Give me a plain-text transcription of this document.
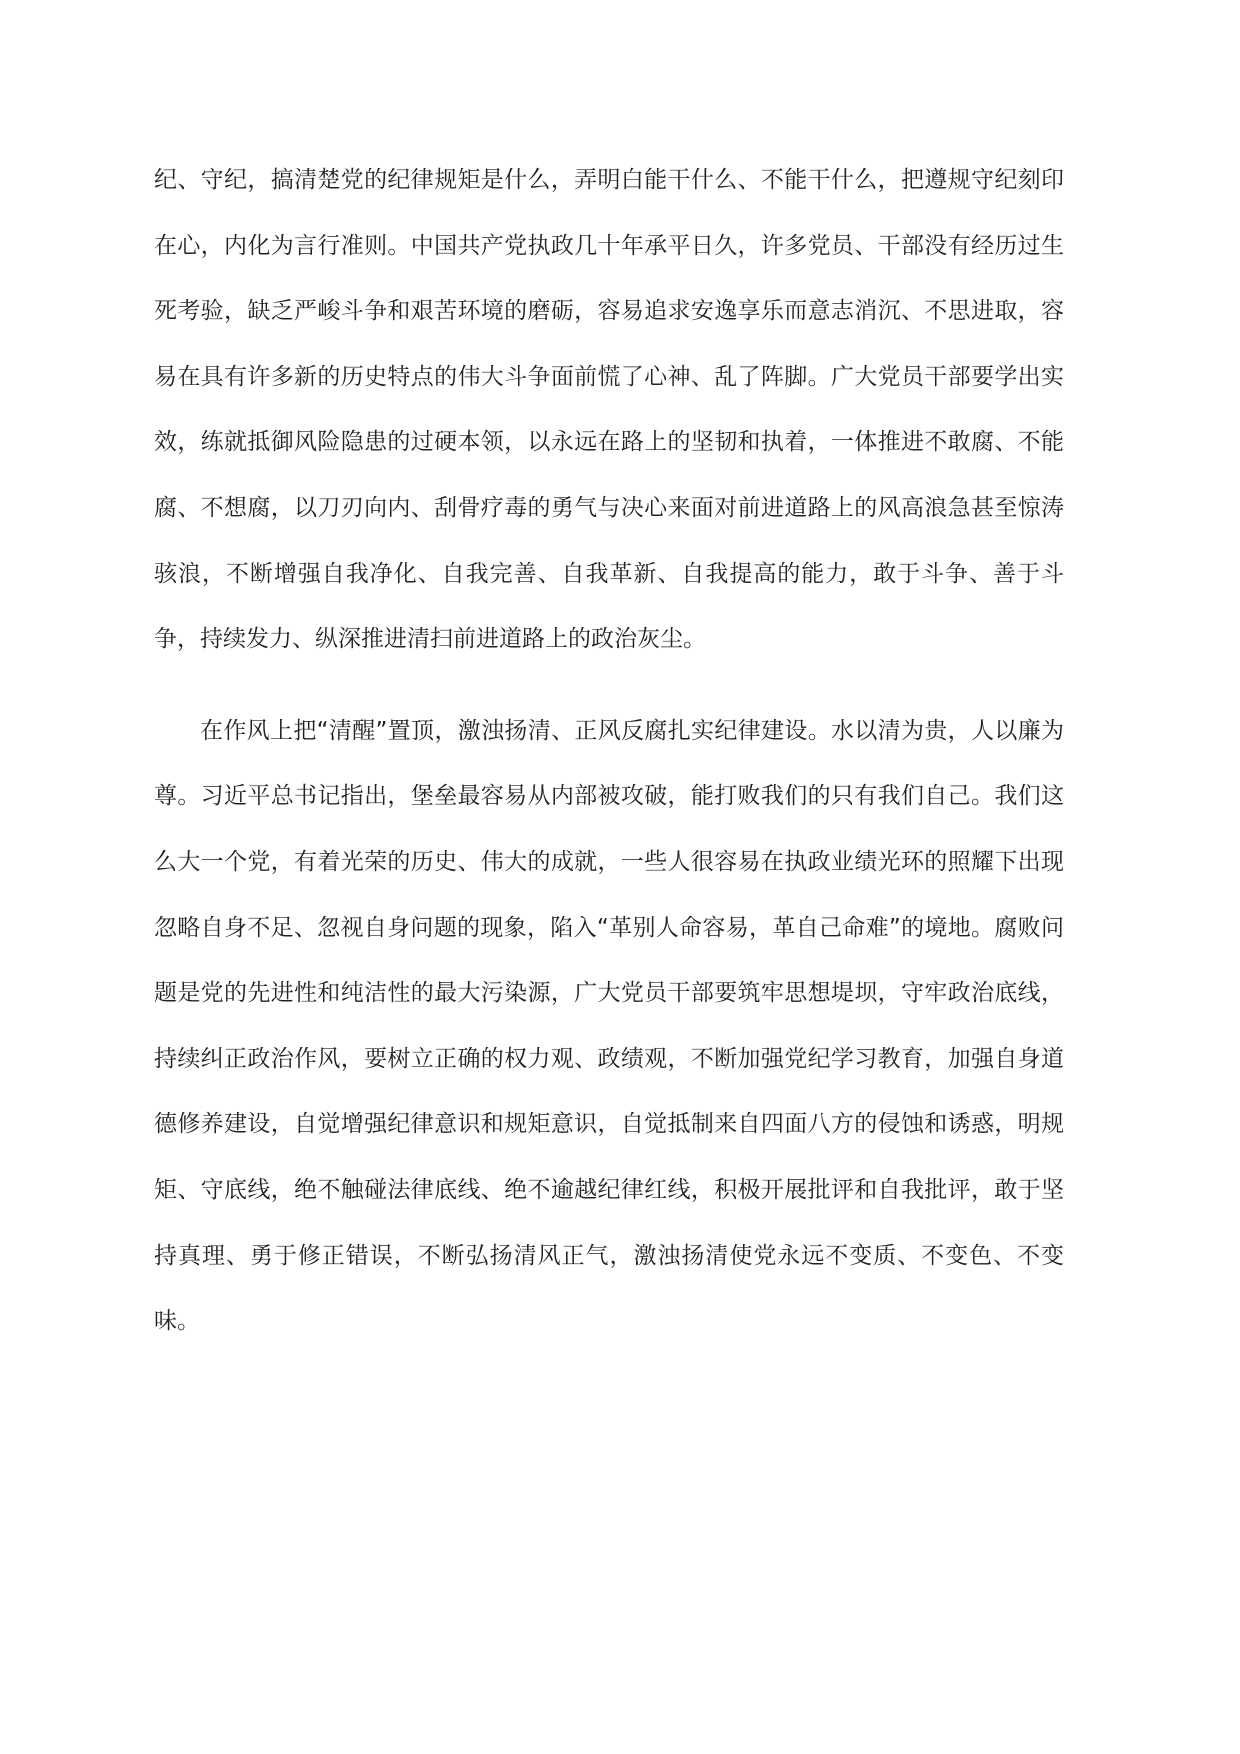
纪、守纪，搞清楚党的纪律规矩是什么，弄明白能干什么、不能干什么，把遵规守纪刻印在心，内化为言行准则。中国共产党执政几十年承平日久，许多党员、干部没有经历过生死考验，缺乏严峻斗争和艰苦环境的磨砺，容易追求安逸享乐而意志消沉、不思进取，容易在具有许多新的历史特点的伟大斗争面前慌了心神、乱了阵脚。广大党员干部要学出实效，练就抵御风险隐患的过硬本领，以永远在路上的坚韧和执着，一体推进不敢腐、不能腐、不想腐，以刀刃向内、刮骨疗毒的勇气与决心来面对前进道路上的风高浪急甚至惊涛骇浪，不断增强自我净化、自我完善、自我革新、自我提高的能力，敢于斗争、善于斗争，持续发力、纵深推进清扫前进道路上的政治灰尘。

在作风上把“清醒”置顶，激浊扬清、正风反腐扎实纪律建设。水以清为贵，人以廉为尊。习近平总书记指出，堡垒最容易从内部被攻破，能打败我们的只有我们自己。我们这么大一个党，有着光荣的历史、伟大的成就，一些人很容易在执政业绩光环的照耀下出现忽略自身不足、忽视自身问题的现象，陷入“革别人命容易，革自己命难”的境地。腐败问题是党的先进性和纯洁性的最大污染源，广大党员干部要筑牢思想堤坝，守牢政治底线，持续纠正政治作风，要树立正确的权力观、政绩观，不断加强党纪学习教育，加强自身道德修养建设，自觉增强纪律意识和规矩意识，自觉抵制来自四面八方的侵蚀和诱惑，明规矩、守底线，绝不触碰法律底线、绝不逾越纪律红线，积极开展批评和自我批评，敢于坚持真理、勇于修正错误，不断弘扬清风正气，激浊扬清使党永远不变质、不变色、不变味。
